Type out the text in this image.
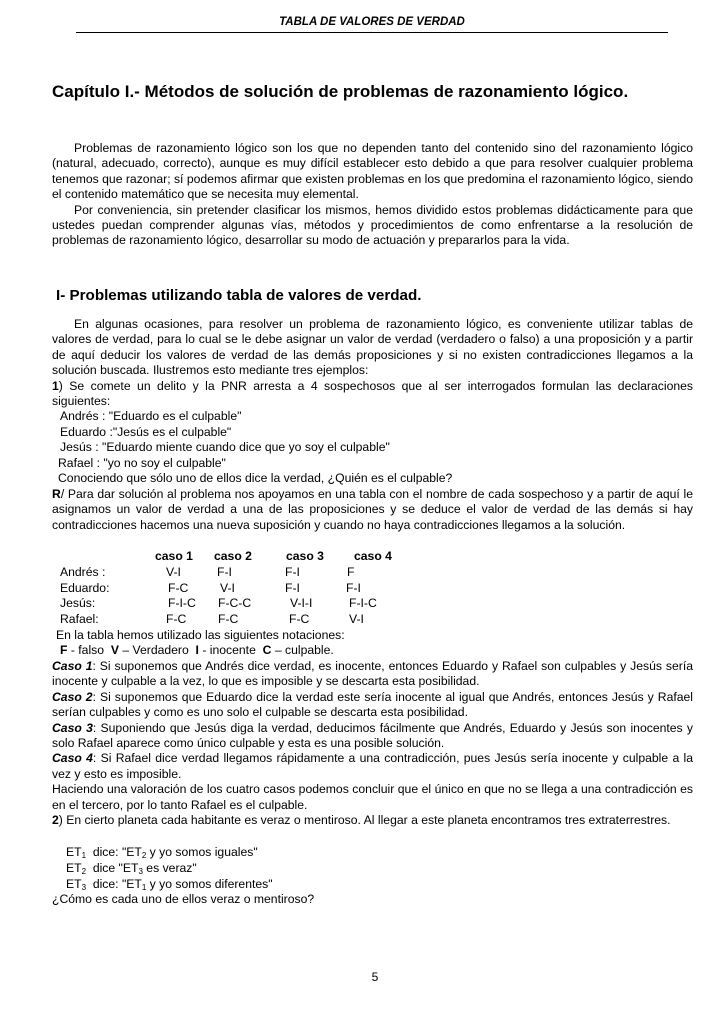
TABLA DE VALORES DE VERDAD
Capítulo I.- Métodos de solución de problemas de razonamiento lógico.

Problemas de razonamiento lógico son los que no dependen tanto del contenido sino del razonamiento lógico (natural, adecuado, correcto), aunque es muy difícil establecer esto debido a que para resolver cualquier problema tenemos que razonar; sí podemos afirmar que existen problemas en los que predomina el razonamiento lógico, siendo el contenido matemático que se necesita muy elemental.

Por conveniencia, sin pretender clasificar los mismos, hemos dividido estos problemas didácticamente para que ustedes puedan comprender algunas vías, métodos y procedimientos de como enfrentarse a la resolución de problemas de razonamiento lógico, desarrollar su modo de actuación y prepararlos para la vida.

I- Problemas utilizando tabla de valores de verdad.

En algunas ocasiones, para resolver un problema de razonamiento lógico, es conveniente utilizar tablas de valores de verdad, para lo cual se le debe asignar un valor de verdad (verdadero o falso) a una proposición y a partir de aquí deducir los valores de verdad de las demás proposiciones y si no existen contradicciones llegamos a la solución buscada. Ilustremos esto mediante tres ejemplos:

1) Se comete un delito y la PNR arresta a 4 sospechosos que al ser interrogados formulan las declaraciones siguientes:

Andrés : "Eduardo es el culpable"
Eduardo :"Jesús es el culpable"
Jesús : "Eduardo miente cuando dice que yo soy el culpable"
Rafael : "yo no soy el culpable"
Conociendo que sólo uno de ellos dice la verdad, ¿Quién es el culpable?

R/ Para dar solución al problema nos apoyamos en una tabla con el nombre de cada sospechoso y a partir de aquí le asignamos un valor de verdad a una de las proposiciones y se deduce el valor de verdad de las demás si hay contradicciones hacemos una nueva suposición y cuando no haya contradicciones llegamos a la solución.

caso 1 caso 2	caso 3 caso 4
Andrés :	V-I	F-I	F-I	F
Eduardo:	F-C	V-I	F-I	F-I
Jesús:	F-I-C F-C-C	V-I-I	F-I-C
Rafael:	F-C	F-C	F-C	V-I
En la tabla hemos utilizado las siguientes notaciones:
F - falso V – Verdadero I - inocente C – culpable.

Caso 1: Si suponemos que Andrés dice verdad, es inocente, entonces Eduardo y Rafael son culpables y Jesús sería inocente y culpable a la vez, lo que es imposible y se descarta esta posibilidad.

Caso 2: Si suponemos que Eduardo dice la verdad este sería inocente al igual que Andrés, entonces Jesús y Rafael serían culpables y como es uno solo el culpable se descarta esta posibilidad.

Caso 3: Suponiendo que Jesús diga la verdad, deducimos fácilmente que Andrés, Eduardo y Jesús son inocentes y solo Rafael aparece como único culpable y esta es una posible solución.

Caso 4: Si Rafael dice verdad llegamos rápidamente a una contradicción, pues Jesús sería inocente y culpable a la vez y esto es imposible.

Haciendo una valoración de los cuatro casos podemos concluir que el único en que no se llega a una contradicción es en el tercero, por lo tanto Rafael es el culpable.

2) En cierto planeta cada habitante es veraz o mentiroso. Al llegar a este planeta encontramos tres extraterrestres.

$ET_1$ dice: "$ET_2$ y yo somos iguales"
$ET_2$ dice "$ET_3$ es veraz"
$ET_3$ dice: "$ET_1$ y yo somos diferentes"
¿Cómo es cada uno de ellos veraz o mentiroso?
5
